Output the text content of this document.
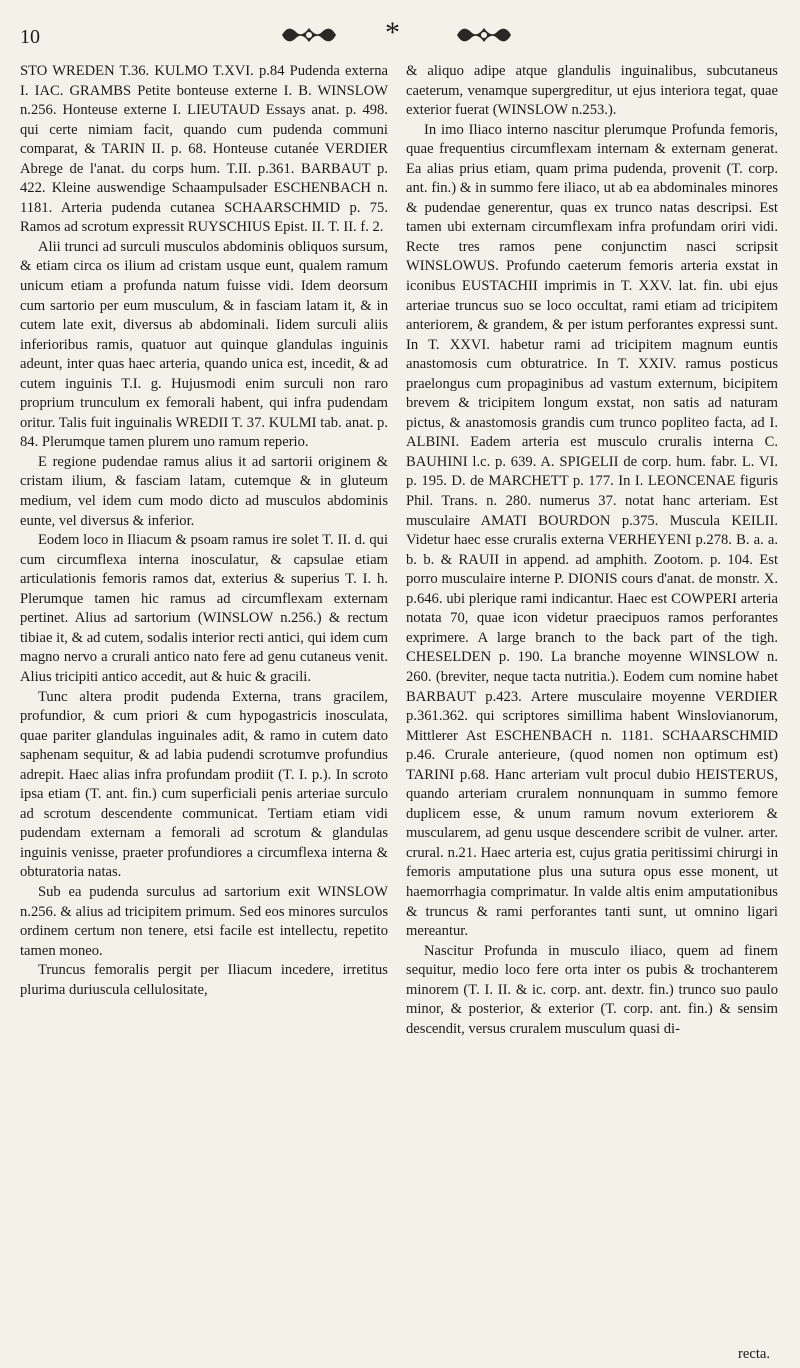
10	*

STO WREDEN T.36. KULMO T.XVI. p.84 Pudenda externa I. IAC. GRAMBS Petite bonteuse externe I. B. WINSLOW n.256. Honteuse externe I. LIEUTAUD Essays anat. p. 498. qui certe nimiam facit, quando cum pudenda communi comparat, & TARIN II. p. 68. Honteuse cutanée VERDIER Abrege de l'anat. du corps hum. T.II. p.361. BARBAUT p. 422. Kleine auswendige Schaampulsader ESCHENBACH n. 1181. Arteria pudenda cutanea SCHAARSCHMID p. 75. Ramos ad scrotum expressit RUYSCHIUS Epist. II. T. II. f. 2.

Alii trunci ad surculi musculos abdominis obliquos sursum, & etiam circa os ilium ad cristam usque eunt, qualem ramum unicum etiam a profunda natum fuisse vidi. Idem deorsum cum sartorio per eum musculum, & in fasciam latam it, & in cutem late exit, diversus ab abdominali. Iidem surculi aliis inferioribus ramis, quatuor aut quinque glandulas inguinis adeunt, inter quas haec arteria, quando unica est, incedit, & ad cutem inguinis T.I. g. Hujusmodi enim surculi non raro proprium trunculum ex femorali habent, qui infra pudendam oritur. Talis fuit inguinalis WREDII T. 37. KULMI tab. anat. p. 84. Plerumque tamen plurem uno ramum reperio.

E regione pudendae ramus alius it ad sartorii originem & cristam ilium, & fasciam latam, cutemque & in gluteum medium, vel idem cum modo dicto ad musculos abdominis eunte, vel diversus & inferior.

Eodem loco in Iliacum & psoam ramus ire solet T. II. d. qui cum circumflexa interna inosculatur, & capsulae etiam articulationis femoris ramos dat, exterius & superius T. I. h. Plerumque tamen hic ramus ad circumflexam externam pertinet. Alius ad sartorium (WINSLOW n.256.) & rectum tibiae it, & ad cutem, sodalis interior recti antici, qui idem cum magno nervo a crurali antico nato fere ad genu cutaneus venit. Alius tricipiti antico accedit, aut & huic & gracili.

Tunc altera prodit pudenda Externa, trans gracilem, profundior, & cum priori & cum hypogastricis inosculata, quae pariter glandulas inguinales adit, & ramo in cutem dato saphenam sequitur, & ad labia pudendi scrotumve profundius adrepit. Haec alias infra profundam prodiit (T. I. p.). In scroto ipsa etiam (T. ant. fin.) cum superficiali penis arteriae surculo ad scrotum descendente communicat. Tertiam etiam vidi pudendam externam a femorali ad scrotum & glandulas inguinis venisse, praeter profundiores a circumflexa interna & obturatoria natas.

Sub ea pudenda surculus ad sartorium exit WINSLOW n.256. & alius ad tricipitem primum. Sed eos minores surculos ordinem certum non tenere, etsi facile est intellectu, repetito tamen moneo.

Truncus femoralis pergit per Iliacum incedere, irretitus plurima duriuscula cellulositate,

& aliquo adipe atque glandulis inguinalibus, subcutaneus caeterum, venamque supergreditur, ut ejus interiora tegat, quae exterior fuerat (WINSLOW n.253.).

In imo Iliaco interno nascitur plerumque Profunda femoris, quae frequentius circumflexam internam & externam generat. Ea alias prius etiam, quam prima pudenda, provenit (T. corp. ant. fin.) & in summo fere iliaco, ut ab ea abdominales minores & pudendae generentur, quas ex trunco natas descripsi. Est tamen ubi externam circumflexam infra profundam oriri vidi. Recte tres ramos pene conjunctim nasci scripsit WINSLOWUS. Profundo caeterum femoris arteria exstat in iconibus EUSTACHII imprimis in T. XXV. lat. fin. ubi ejus arteriae truncus suo se loco occultat, rami etiam ad tricipitem anteriorem, & grandem, & per istum perforantes expressi sunt. In T. XXVI. habetur rami ad tricipitem magnum euntis anastomosis cum obturatrice. In T. XXIV. ramus posticus praelongus cum propaginibus ad vastum externum, bicipitem brevem & tricipitem longum exstat, non satis ad naturam pictus, & anastomosis grandis cum trunco popliteo facta, ad I. ALBINI. Eadem arteria est musculo cruralis interna C. BAUHINI l.c. p. 639. A. SPIGELII de corp. hum. fabr. L. VI. p. 195. D. de MARCHETT p. 177. In I. LEONCENAE figuris Phil. Trans. n. 280. numerus 37. notat hanc arteriam. Est musculaire AMATI BOURDON p.375. Muscula KEILII. Videtur haec esse cruralis externa VERHEYENI p.278. B. a. a. b. b. & RAUII in append. ad amphith. Zootom. p. 104. Est porro musculaire interne P. DIONIS cours d'anat. de monstr. X. p.646. ubi plerique rami indicantur. Haec est COWPERI arteria notata 70, quae icon videtur praecipuos ramos perforantes exprimere. A large branch to the back part of the tigh. CHESELDEN p. 190. La branche moyenne WINSLOW n. 260. (breviter, neque tacta nutritia.). Eodem cum nomine habet BARBAUT p.423. Artere musculaire moyenne VERDIER p.361.362. qui scriptores simillima habent Winslovianorum, Mittlerer Ast ESCHENBACH n. 1181. SCHAARSCHMID p.46. Crurale anterieure, (quod nomen non optimum est) TARINI p.68. Hanc arteriam vult procul dubio HEISTERUS, quando arteriam cruralem nonnunquam in summo femore duplicem esse, & unum ramum novum exteriorem & muscularem, ad genu usque descendere scribit de vulner. arter. crural. n.21. Haec arteria est, cujus gratia peritissimi chirurgi in femoris amputatione plus una sutura opus esse monent, ut haemorrhagia comprimatur. In valde altis enim amputationibus & truncus & rami perforantes tanti sunt, ut omnino ligari mereantur.

Nascitur Profunda in musculo iliaco, quem ad finem sequitur, medio loco fere orta inter os pubis & trochanterem minorem (T. I. II. & ic. corp. ant. dextr. fin.) trunco suo paulo minor, & posterior, & exterior (T. corp. ant. fin.) & sensim descendit, versus cruralem musculum quasi di-

recta.
